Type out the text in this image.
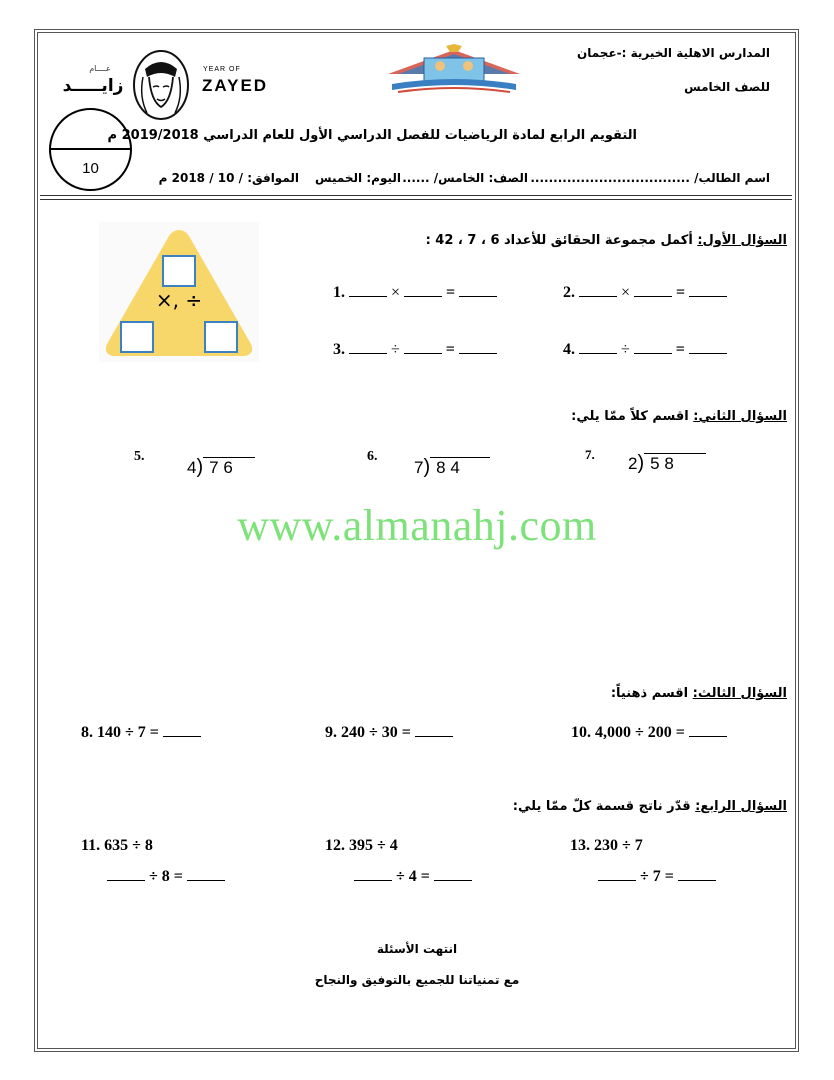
المدارس الاهلية الخيرية :-عجمان
للصف الخامس
YEAR OF
ZAYED
عــــام
زايـــــد
10
التقويم الرابع لمادة الرياضيات للفصل الدراسي الأول للعام الدراسي 2019/2018 م
اسم الطالب/ ...................................
الصف: الخامس/ ......
اليوم: الخميس
الموافق: / 10 / 2018 م
السؤال الأول: أكمل مجموعة الحقائق للأعداد 6 ، 7 ، 42 :
×, ÷	1.	×	=	2.	×	=
3.	÷	=	4.	÷	=
السؤال الثاني: اقسم كلاً ممّا يلي:
5.
4) 7 6
6.
7) 8 4
7. 2) 5 8
www.almanahj.com
السؤال الثالث: اقسم ذهنياً:
8. 140 ÷ 7 =	9. 240 ÷ 30 =	10. 4,000 ÷ 200 =
السؤال الرابع: قدّر ناتج قسمة كلّ ممّا يلي:
11. 635 ÷ 8
÷ 8 =
12. 395 ÷ 4
÷ 4 =
13. 230 ÷ 7
÷ 7 =
انتهت الأسئلة
مع تمنياتنا للجميع بالتوفيق والنجاح
